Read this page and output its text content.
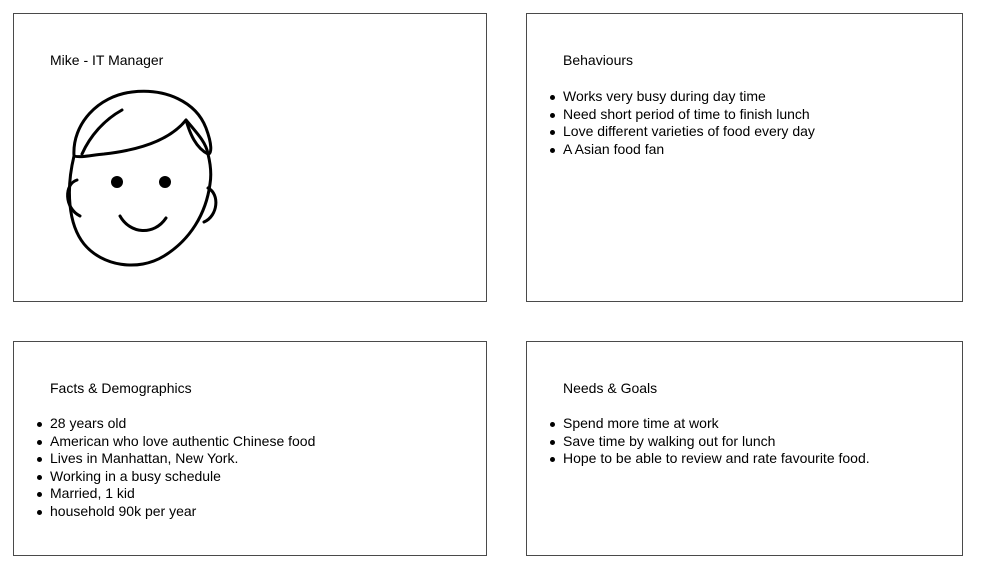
Mike - IT Manager	Behaviours
Works very busy during day time
Need short period of time to finish lunch
Love different varieties of food every day
A Asian food fan
Facts & Demographics
28 years old
American who love authentic Chinese food
Lives in Manhattan, New York.
Working in a busy schedule
Married, 1 kid
household 90k per year
Needs & Goals
Spend more time at work
Save time by walking out for lunch
Hope to be able to review and rate favourite food.
